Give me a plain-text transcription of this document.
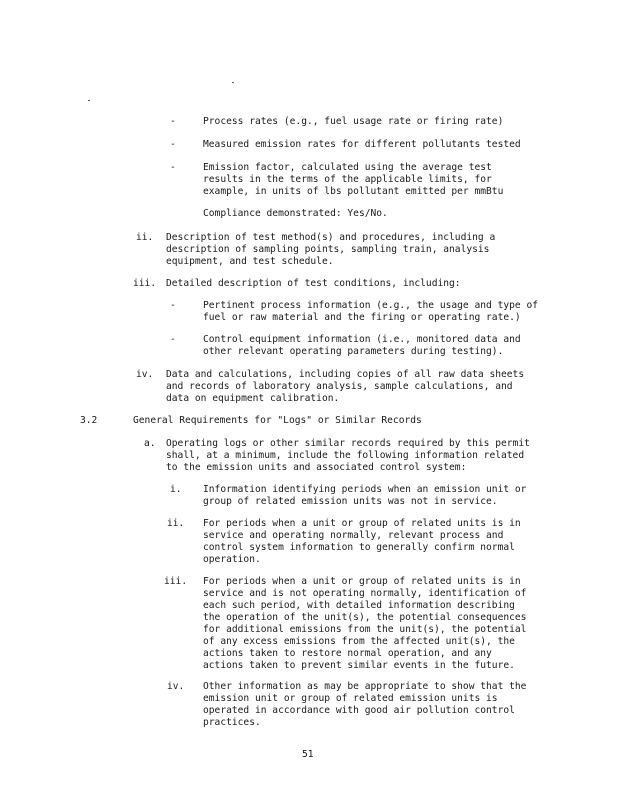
-	Process rates (e.g., fuel usage rate or firing rate)
-	Measured emission rates for different pollutants tested
-	Emission factor, calculated using the average test
results in the terms of the applicable limits, for
example, in units of lbs pollutant emitted per mmBtu
Compliance demonstrated: Yes/No.
ii. Description of test method(s) and procedures, including a
description of sampling points, sampling train, analysis
equipment, and test schedule.
iii. Detailed description of test conditions, including:
-	Pertinent process information (e.g., the usage and type of
fuel or raw material and the firing or operating rate.)
-	Control equipment information (i.e., monitored data and
other relevant operating parameters during testing).
iv. Data and calculations, including copies of all raw data sheets
and records of laboratory analysis, sample calculations, and
data on equipment calibration.
3.2	General Requirements for "Logs" or Similar Records
a. Operating logs or other similar records required by this permit
shall, at a minimum, include the following information related
to the emission units and associated control system:
i. Information identifying periods when an emission unit or
group of related emission units was not in service.
ii. For periods when a unit or group of related units is in
service and operating normally, relevant process and
control system information to generally confirm normal
operation.
iii. For periods when a unit or group of related units is in
service and is not operating normally, identification of
each such period, with detailed information describing
the operation of the unit(s), the potential consequences
for additional emissions from the unit(s), the potential
of any excess emissions from the affected unit(s), the
actions taken to restore normal operation, and any
actions taken to prevent similar events in the future.
iv. Other information as may be appropriate to show that the
emission unit or group of related emission units is
operated in accordance with good air pollution control
practices.
51
